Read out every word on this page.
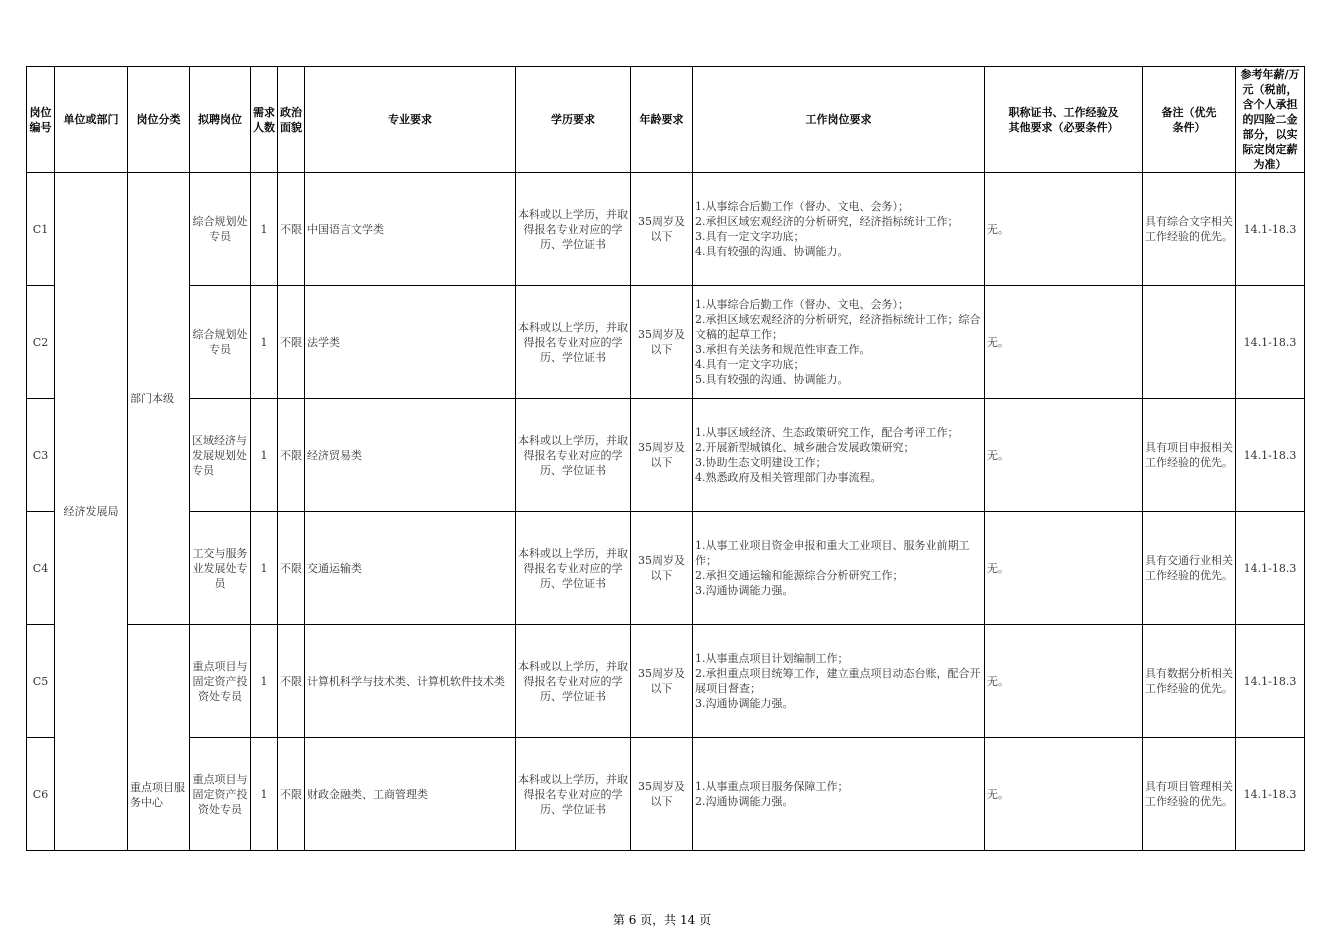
岗位编号	单位或部门	岗位分类	拟聘岗位	需求人数	政治面貌	专业要求	学历要求	年龄要求	工作岗位要求	职称证书、工作经验及其他要求（必要条件）	备注（优先条件）	参考年薪/万元（税前，含个人承担的四险二金部分，以实际定岗定薪为准）
C1	经济发展局	部门本级	综合规划处专员	1	不限	中国语言文学类	本科或以上学历，并取得报名专业对应的学历、学位证书	35周岁及以下	1.从事综合后勤工作（督办、文电、会务）；
2.承担区域宏观经济的分析研究，经济指标统计工作；
3.具有一定文字功底；
4.具有较强的沟通、协调能力。	无。	具有综合文字相关工作经验的优先。	14.1-18.3
C2			综合规划处专员	1	不限	法学类	本科或以上学历，并取得报名专业对应的学历、学位证书	35周岁及以下	1.从事综合后勤工作（督办、文电、会务）；
2.承担区域宏观经济的分析研究，经济指标统计工作；综合文稿的起草工作；
3.承担有关法务和规范性审查工作。
4.具有一定文字功底；
5.具有较强的沟通、协调能力。	无。		14.1-18.3
C3			区域经济与发展规划处专员	1	不限	经济贸易类	本科或以上学历，并取得报名专业对应的学历、学位证书	35周岁及以下	1.从事区域经济、生态政策研究工作，配合考评工作；
2.开展新型城镇化、城乡融合发展政策研究；
3.协助生态文明建设工作；
4.熟悉政府及相关管理部门办事流程。	无。	具有项目申报相关工作经验的优先。	14.1-18.3
C4			工交与服务业发展处专员	1	不限	交通运输类	本科或以上学历，并取得报名专业对应的学历、学位证书	35周岁及以下	1.从事工业项目资金申报和重大工业项目、服务业前期工作；
2.承担交通运输和能源综合分析研究工作；
3.沟通协调能力强。	无。	具有交通行业相关工作经验的优先。	14.1-18.3
C5		重点项目服务中心	重点项目与固定资产投资处专员	1	不限	计算机科学与技术类、计算机软件技术类	本科或以上学历，并取得报名专业对应的学历、学位证书	35周岁及以下	1.从事重点项目计划编制工作；
2.承担重点项目统筹工作，建立重点项目动态台账，配合开展项目督查；
3.沟通协调能力强。	无。	具有数据分析相关工作经验的优先。	14.1-18.3
C6			重点项目与固定资产投资处专员	1	不限	财政金融类、工商管理类	本科或以上学历，并取得报名专业对应的学历、学位证书	35周岁及以下	1.从事重点项目服务保障工作；
2.沟通协调能力强。	无。	具有项目管理相关工作经验的优先。	14.1-18.3
第 6 页，共 14 页
